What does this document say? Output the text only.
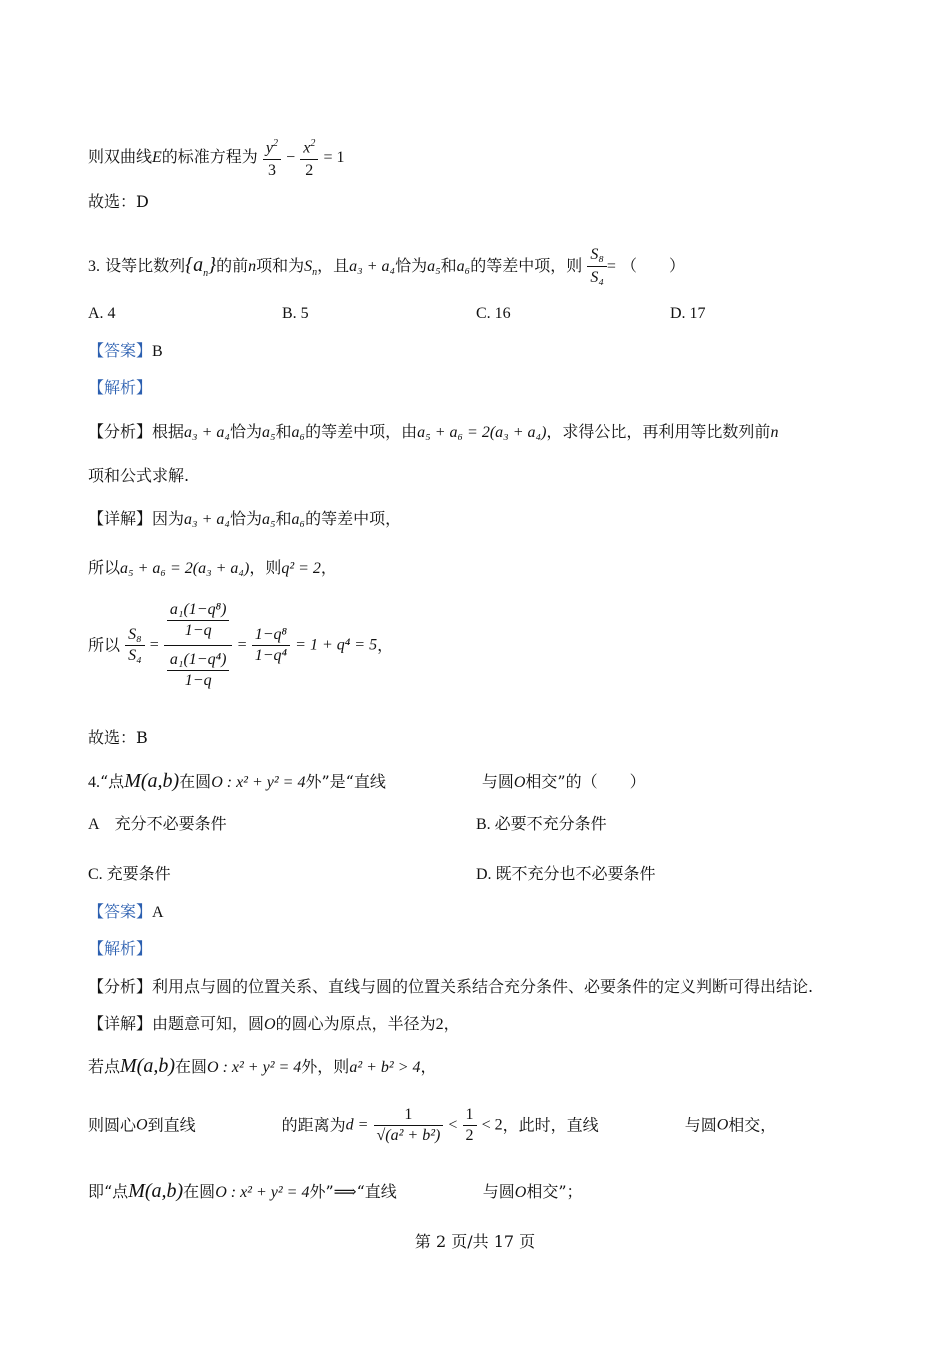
则双曲线E的标准方程为 $\frac{y^2}{3} - \frac{x^2}{2} = 1$
故选：D
3. 设等比数列$\{a_n\}$的前n项和为$S_n$，且a₃ + a₄恰为a₅和a₆的等差中项，则 $\frac{\text{S₈}}{\text{S₄}}$ = （　　）
A. 4	B. 5	C. 16	D. 17
【答案】B
【解析】
【分析】根据a₃ + a₄恰为a₅和a₆的等差中项，由a₅ + a₆ = 2(a₃ + a₄)，求得公比，再利用等比数列前n
项和公式求解.
【详解】因为a₃ + a₄恰为a₅和a₆的等差中项，
所以a₅ + a₆ = 2(a₃ + a₄)，则q² = 2，
所以 $\frac{\text{S₈}}{\text{S₄}} = \frac{\frac{\text{a₁(1−q⁸)}}{1-q}}{\frac{\text{a₁(1−q⁴)}}{1-q}} = \frac{\text{1−q⁸}}{\text{1−q⁴}} = 1 + q^4 = 5$，
故选：B
4.“点M(a,b)在圆O : x² + y² = 4外”是“直线	与圆O相交”的（　　）
A　充分不必要条件	B. 必要不充分条件
C. 充要条件	D. 既不充分也不必要条件
【答案】A
【解析】
【分析】利用点与圆的位置关系、直线与圆的位置关系结合充分条件、必要条件的定义判断可得出结论.
【详解】由题意可知，圆O的圆心为原点，半径为2，
若点M(a,b)在圆O : x² + y² = 4外，则a² + b² > 4，
则圆心O到直线	的距离为$d = \frac{1}{\text{√(a² + b²)}} < \frac{1}{2} < 2$，此时，直线	与圆O相交，
即“点M(a,b)在圆O : x² + y² = 4外”⟹“直线	与圆O相交”；
第 2 页/共 17 页
